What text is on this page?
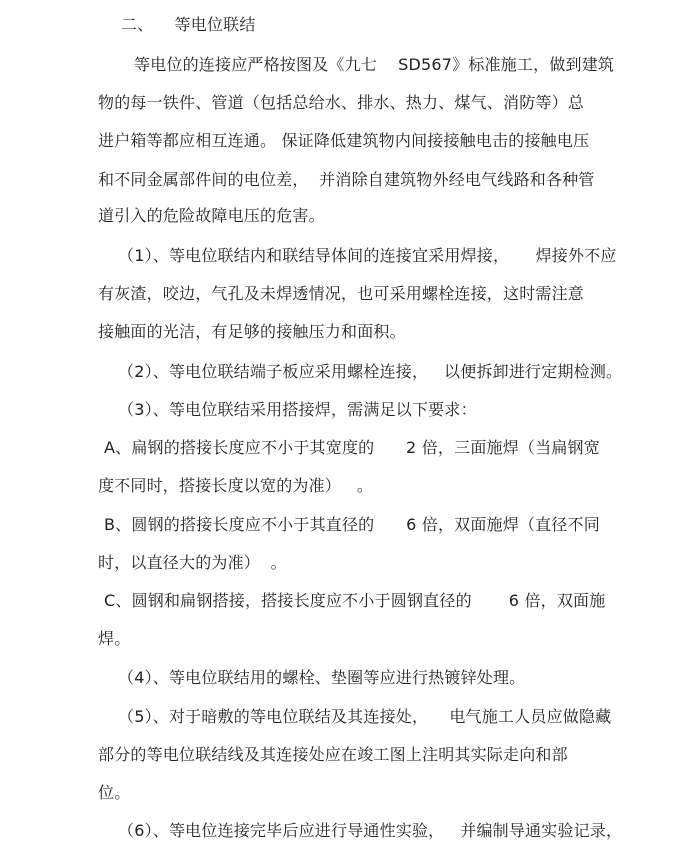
二、    等电位联结
等电位的连接应严格按图及《九七    SD567》标准施工，做到建筑
物的每一铁件、管道（包括总给水、排水、热力、煤气、消防等）总
进户箱等都应相互连通。 保证降低建筑物内间接接触电击的接触电压
和不同金属部件间的电位差，  并消除自建筑物外经电气线路和各种管
道引入的危险故障电压的危害。
（1）、等电位联结内和联结导体间的连接宜采用焊接，     焊接外不应
有灰渣，咬边，气孔及未焊透情况，也可采用螺栓连接，这时需注意
接触面的光洁，有足够的接触压力和面积。
（2）、等电位联结端子板应采用螺栓连接，   以便拆卸进行定期检测。
（3）、等电位联结采用搭接焊，需满足以下要求：
A、扁钢的搭接长度应不小于其宽度的      2 倍，三面施焊（当扁钢宽
度不同时，搭接长度以宽的为准）   。
B、圆钢的搭接长度应不小于其直径的      6 倍，双面施焊（直径不同
时，以直径大的为准）  。
C、圆钢和扁钢搭接，搭接长度应不小于圆钢直径的       6 倍，双面施
焊。
（4）、等电位联结用的螺栓、垫圈等应进行热镀锌处理。
（5）、对于暗敷的等电位联结及其连接处，    电气施工人员应做隐藏
部分的等电位联结线及其连接处应在竣工图上注明其实际走向和部
位。
（6）、等电位连接完毕后应进行导通性实验，   并编制导通实验记录，
